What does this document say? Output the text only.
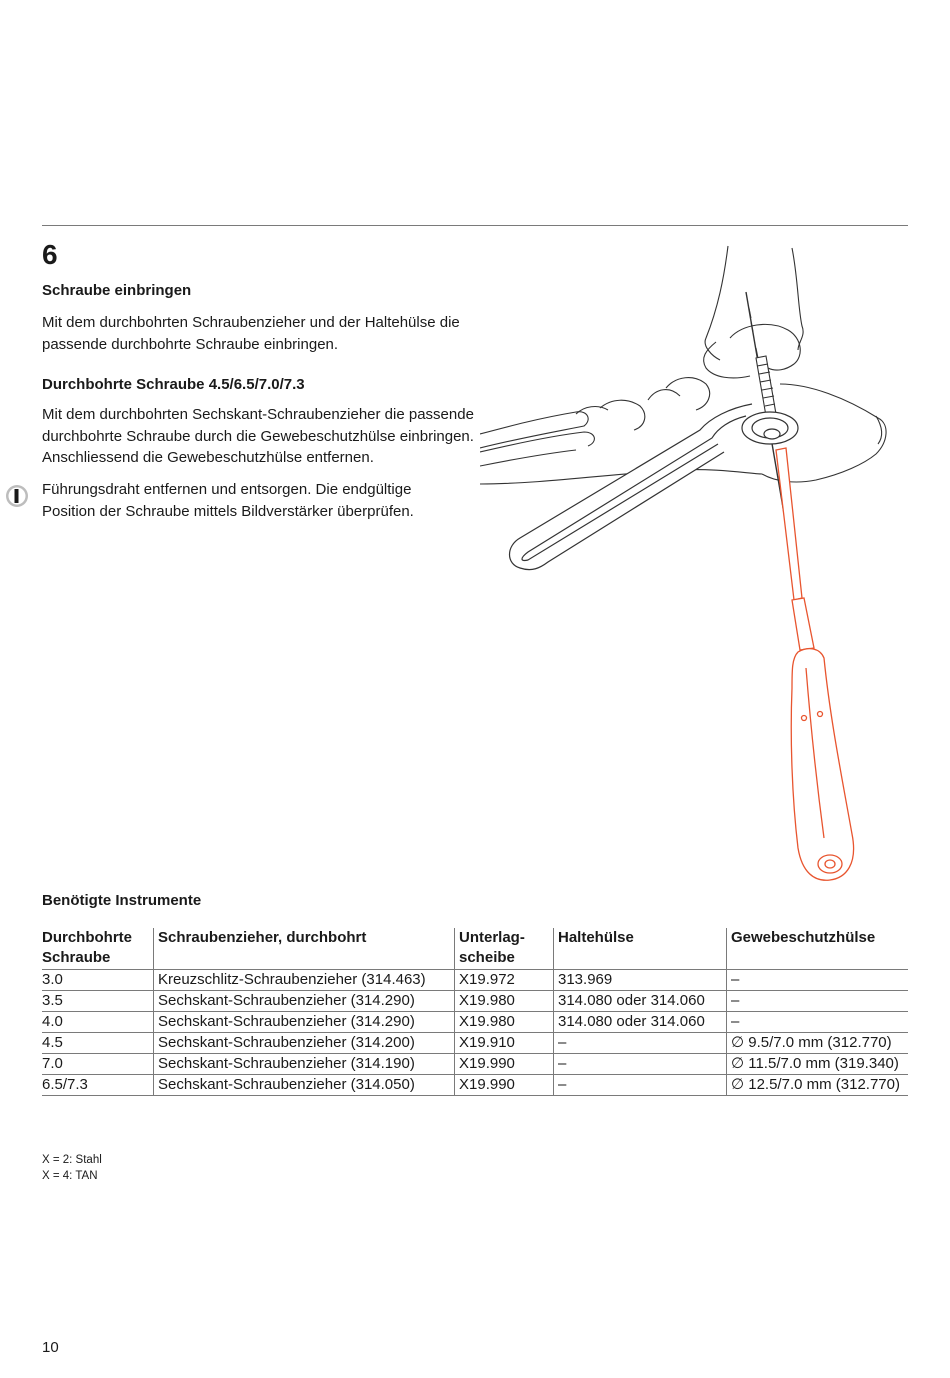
6
Schraube einbringen
Mit dem durchbohrten Schraubenzieher und der Haltehülse die passende durchbohrte Schraube einbringen.
Durchbohrte Schraube 4.5/6.5/7.0/7.3
Mit dem durchbohrten Sechskant-Schraubenzieher die passende durchbohrte Schraube durch die Gewebeschutzhülse einbringen. Anschliessend die Gewebeschutzhülse entfernen.
Führungsdraht entfernen und entsorgen. Die endgültige Position der Schraube mittels Bildverstärker überprüfen.
Benötigte Instrumente
Durchbohrte Schraube	Schraubenzieher, durchbohrt	Unterlagscheibe	Haltehülse	Gewebeschutzhülse
3.0	Kreuzschlitz-Schraubenzieher (314.463)	X19.972	313.969	–
3.5	Sechskant-Schraubenzieher (314.290)	X19.980	314.080 oder 314.060	–
4.0	Sechskant-Schraubenzieher (314.290)	X19.980	314.080 oder 314.060	–
4.5	Sechskant-Schraubenzieher (314.200)	X19.910	–	∅ 9.5/7.0 mm (312.770)
7.0	Sechskant-Schraubenzieher (314.190)	X19.990	–	∅ 11.5/7.0 mm (319.340)
6.5/7.3	Sechskant-Schraubenzieher (314.050)	X19.990	–	∅ 12.5/7.0 mm (312.770)
X = 2: Stahl
X = 4: TAN
10
